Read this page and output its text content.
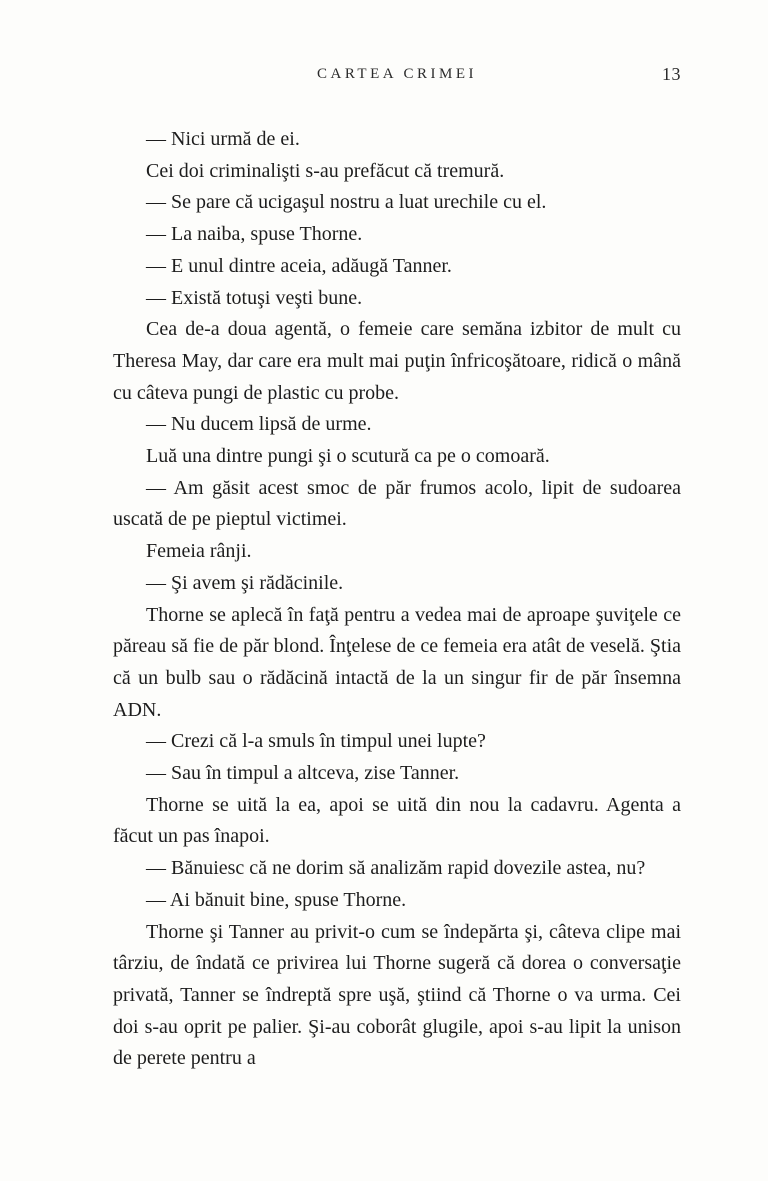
CARTEA CRIMEI	13

— Nici urmă de ei.

Cei doi criminalişti s-au prefăcut că tremură.

— Se pare că ucigaşul nostru a luat urechile cu el.

— La naiba, spuse Thorne.

— E unul dintre aceia, adăugă Tanner.

— Există totuşi veşti bune.

Cea de-a doua agentă, o femeie care semăna izbitor de mult cu Theresa May, dar care era mult mai puţin înfricoşătoare, ridică o mână cu câteva pungi de plastic cu probe.

— Nu ducem lipsă de urme.

Luă una dintre pungi şi o scutură ca pe o comoară.

— Am găsit acest smoc de păr frumos acolo, lipit de sudoarea uscată de pe pieptul victimei.

Femeia rânji.

— Şi avem şi rădăcinile.

Thorne se aplecă în faţă pentru a vedea mai de aproape şuviţele ce păreau să fie de păr blond. Înţelese de ce femeia era atât de veselă. Ştia că un bulb sau o rădăcină intactă de la un singur fir de păr însemna ADN.

— Crezi că l-a smuls în timpul unei lupte?

— Sau în timpul a altceva, zise Tanner.

Thorne se uită la ea, apoi se uită din nou la cadavru. Agenta a făcut un pas înapoi.

— Bănuiesc că ne dorim să analizăm rapid dovezile astea, nu?

— Ai bănuit bine, spuse Thorne.

Thorne şi Tanner au privit-o cum se îndepărta şi, câteva clipe mai târziu, de îndată ce privirea lui Thorne sugeră că dorea o conversaţie privată, Tanner se îndreptă spre uşă, ştiind că Thorne o va urma. Cei doi s-au oprit pe palier. Şi-au coborât glugile, apoi s-au lipit la unison de perete pentru a
